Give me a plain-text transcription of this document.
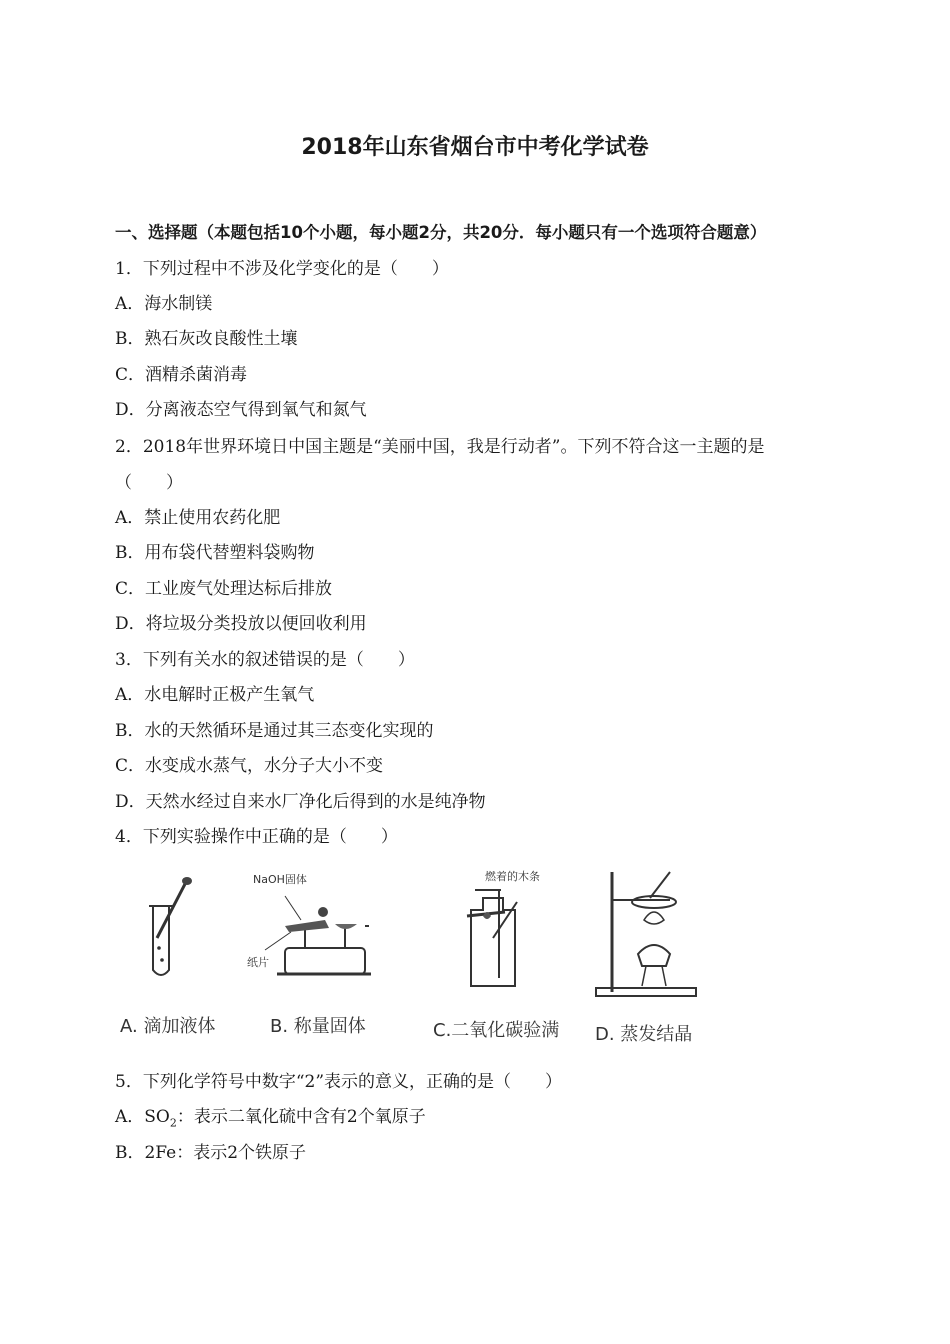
2018年山东省烟台市中考化学试卷
一、选择题（本题包括10个小题，每小题2分，共20分．每小题只有一个选项符合题意）
1．下列过程中不涉及化学变化的是（　　）
A．海水制镁
B．熟石灰改良酸性土壤
C．酒精杀菌消毒
D．分离液态空气得到氧气和氮气
2．2018年世界环境日中国主题是“美丽中国，我是行动者”。下列不符合这一主题的是
（　　）
A．禁止使用农药化肥
B．用布袋代替塑料袋购物
C．工业废气处理达标后排放
D．将垃圾分类投放以便回收利用
3．下列有关水的叙述错误的是（　　）
A．水电解时正极产生氧气
B．水的天然循环是通过其三态变化实现的
C．水变成水蒸气，水分子大小不变
D．天然水经过自来水厂净化后得到的水是纯净物
4．下列实验操作中正确的是（　　）
NaOH固体
纸片
燃着的木条
A. 滴加液体	B. 称量固体	C.二氧化碳验满 D. 蒸发结晶
5．下列化学符号中数字“2”表示的意义，正确的是（　　）
A．$SO_2$：表示二氧化硫中含有2个氧原子
B．2Fe：表示2个铁原子
